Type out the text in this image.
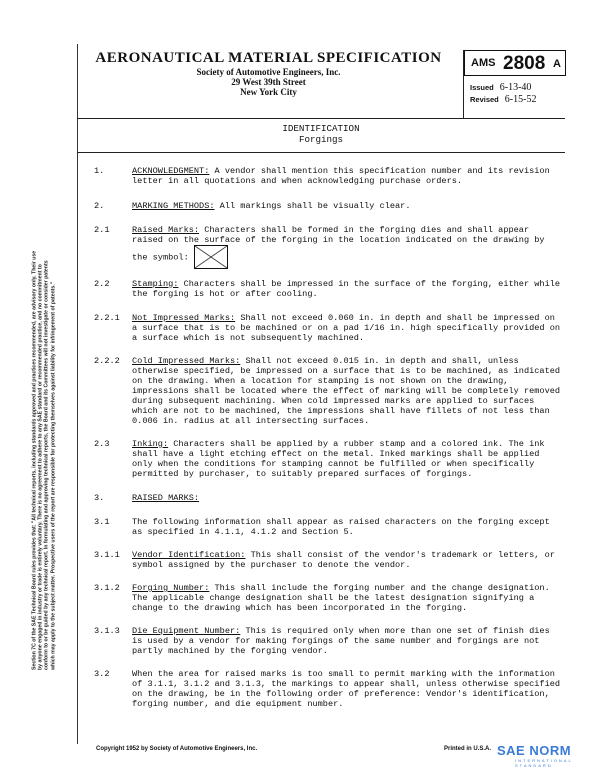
Section 7C of the SAE Technical Board rules provides that: "All technical reports, including standards approved and practices recommended, are advisory only. Their use by anyone engaged in industry or trade is entirely voluntary. There is no agreement to adhere to any SAE standard or recommended practice, and no commitment to conform to or be guided by any technical report. In formulating and approving technical reports, the Board and its Committees will not investigate or consider patents which may apply to the subject matter. Prospective users of the report are responsible for protecting themselves against liability for infringement of patents."
AERONAUTICAL MATERIAL SPECIFICATION
Society of Automotive Engineers, Inc.
29 West 39th Street
New York City
AMS 2808 A
Issued 6-13-40
Revised 6-15-52
IDENTIFICATION
Forgings
1.	ACKNOWLEDGMENT: A vendor shall mention this specification number and its revision letter in all quotations and when acknowledging purchase orders.
2.	MARKING METHODS: All markings shall be visually clear.
2.1	Raised Marks: Characters shall be formed in the forging dies and shall appear raised on the surface of the forging in the location indicated on the drawing by the symbol:
2.2	Stamping: Characters shall be impressed in the surface of the forging, either while the forging is hot or after cooling.
2.2.1 Not Impressed Marks: Shall not exceed 0.060 in. in depth and shall be impressed on a surface that is to be machined or on a pad 1/16 in. high specifically provided on a surface which is not subsequently machined.
2.2.2 Cold Impressed Marks: Shall not exceed 0.015 in. in depth and shall, unless otherwise specified, be impressed on a surface that is to be machined, as indicated on the drawing. When a location for stamping is not shown on the drawing, impressions shall be located where the effect of marking will be completely removed during subsequent machining. When cold impressed marks are applied to surfaces which are not to be machined, the impressions shall have fillets of not less than 0.006 in. radius at all intersecting surfaces.
2.3	Inking: Characters shall be applied by a rubber stamp and a colored ink. The ink shall have a light etching effect on the metal. Inked markings shall be applied only when the conditions for stamping cannot be fulfilled or when specifically permitted by purchaser, to suitably prepared surfaces of forgings.
3.	RAISED MARKS:
3.1	The following information shall appear as raised characters on the forging except as specified in 4.1.1, 4.1.2 and Section 5.
3.1.1 Vendor Identification: This shall consist of the vendor's trademark or letters, or symbol assigned by the purchaser to denote the vendor.
3.1.2 Forging Number: This shall include the forging number and the change designation. The applicable change designation shall be the latest designation signifying a change to the drawing which has been incorporated in the forging.
3.1.3 Die Equipment Number: This is required only when more than one set of finish dies is used by a vendor for making forgings of the same number and forgings are not partly machined by the forging vendor.
3.2	When the area for raised marks is too small to permit marking with the information of 3.1.1, 3.1.2 and 3.1.3, the markings to appear shall, unless otherwise specified on the drawing, be in the following order of preference: Vendor's identification, forging number, and die equipment number.
Copyright 1952 by Society of Automotive Engineers, Inc.	Printed in U.S.A. SAE NORM
INTERNATIONAL STANDARD
